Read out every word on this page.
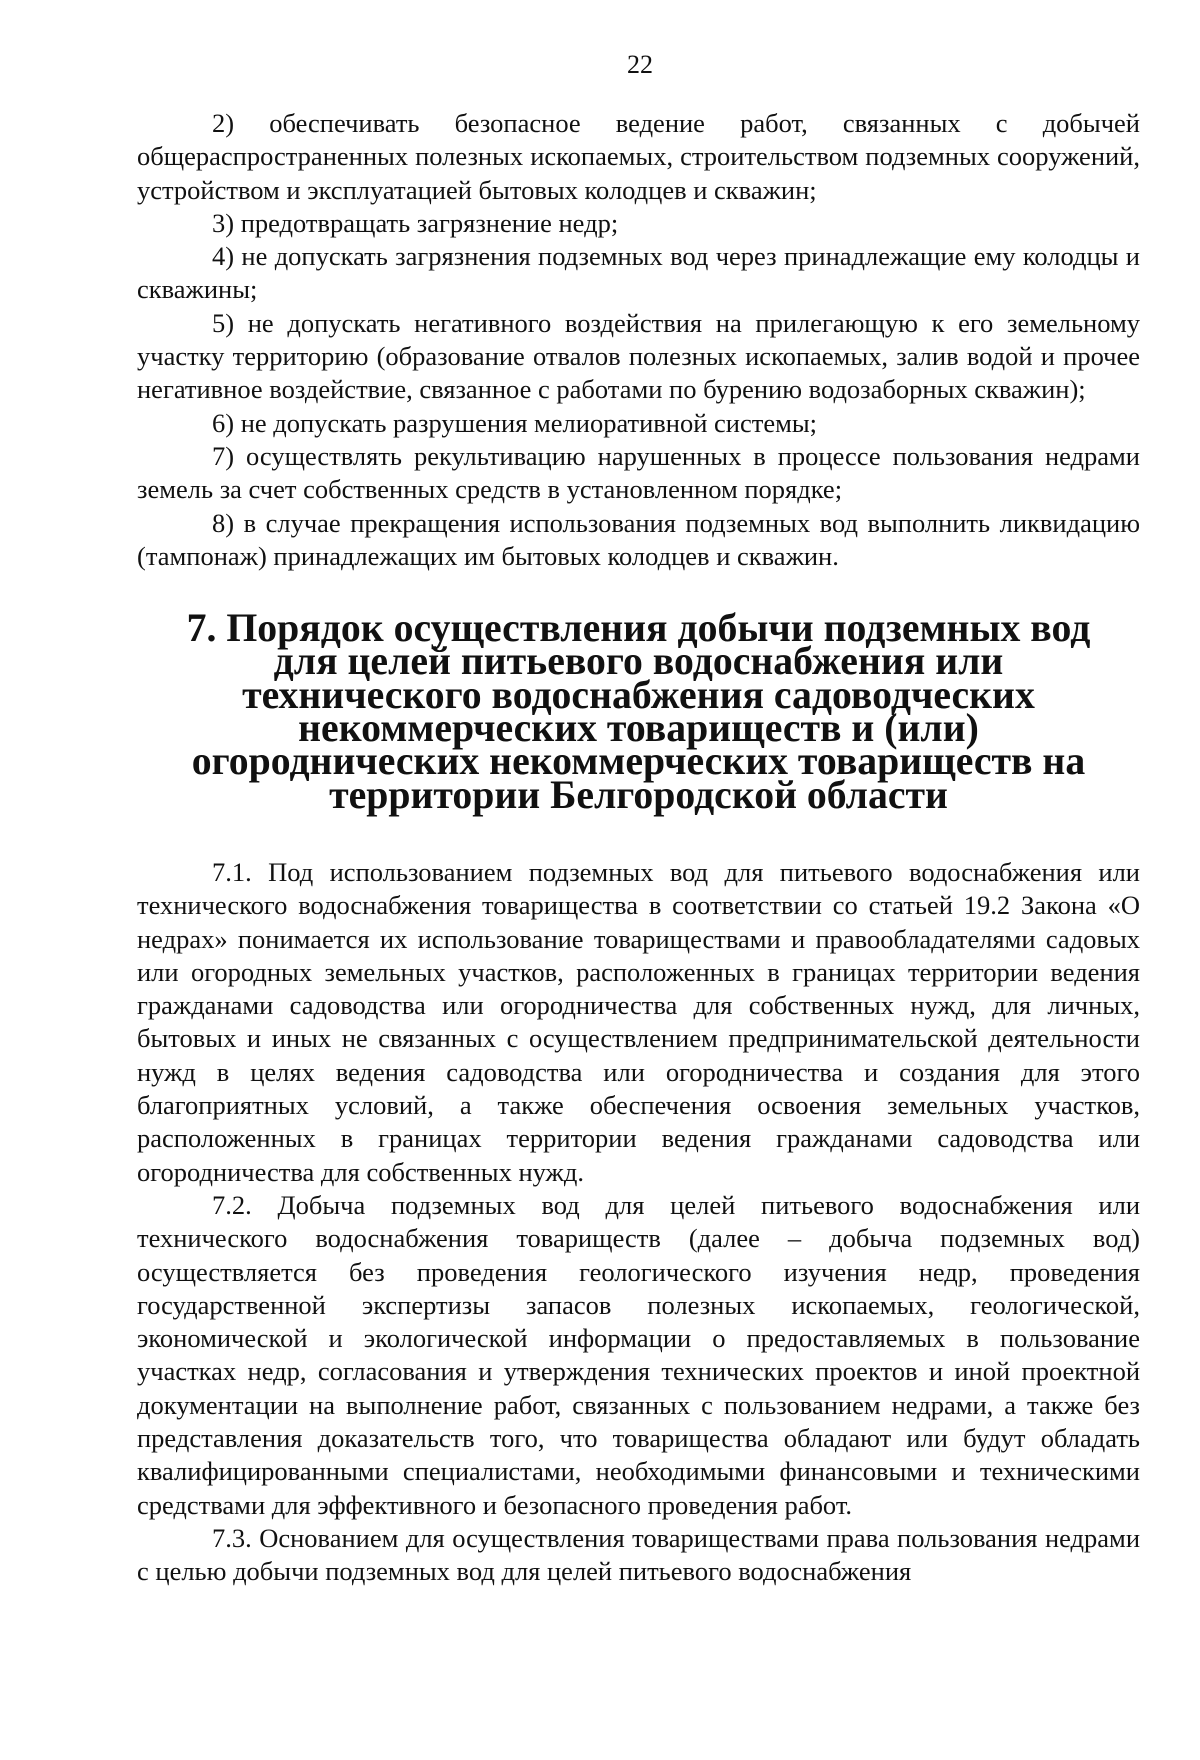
22

2) обеспечивать безопасное ведение работ, связанных с добычей общераспространенных полезных ископаемых, строительством подземных сооружений, устройством и эксплуатацией бытовых колодцев и скважин;

3) предотвращать загрязнение недр;

4) не допускать загрязнения подземных вод через принадлежащие ему колодцы и скважины;

5) не допускать негативного воздействия на прилегающую к его земельному участку территорию (образование отвалов полезных ископаемых, залив водой и прочее негативное воздействие, связанное с работами по бурению водозаборных скважин);

6) не допускать разрушения мелиоративной системы;

7) осуществлять рекультивацию нарушенных в процессе пользования недрами земель за счет собственных средств в установленном порядке;

8) в случае прекращения использования подземных вод выполнить ликвидацию (тампонаж) принадлежащих им бытовых колодцев и скважин.

7. Порядок осуществления добычи подземных вод для целей питьевого водоснабжения или технического водоснабжения садоводческих некоммерческих товариществ и (или) огороднических некоммерческих товариществ на территории Белгородской области

7.1. Под использованием подземных вод для питьевого водоснабжения или технического водоснабжения товарищества в соответствии со статьей 19.2 Закона «О недрах» понимается их использование товариществами и правообладателями садовых или огородных земельных участков, расположенных в границах территории ведения гражданами садоводства или огородничества для собственных нужд, для личных, бытовых и иных не связанных с осуществлением предпринимательской деятельности нужд в целях ведения садоводства или огородничества и создания для этого благоприятных условий, а также обеспечения освоения земельных участков, расположенных в границах территории ведения гражданами садоводства или огородничества для собственных нужд.

7.2. Добыча подземных вод для целей питьевого водоснабжения или технического водоснабжения товариществ (далее – добыча подземных вод) осуществляется без проведения геологического изучения недр, проведения государственной экспертизы запасов полезных ископаемых, геологической, экономической и экологической информации о предоставляемых в пользование участках недр, согласования и утверждения технических проектов и иной проектной документации на выполнение работ, связанных с пользованием недрами, а также без представления доказательств того, что товарищества обладают или будут обладать квалифицированными специалистами, необходимыми финансовыми и техническими средствами для эффективного и безопасного проведения работ.

7.3. Основанием для осуществления товариществами права пользования недрами с целью добычи подземных вод для целей питьевого водоснабжения
